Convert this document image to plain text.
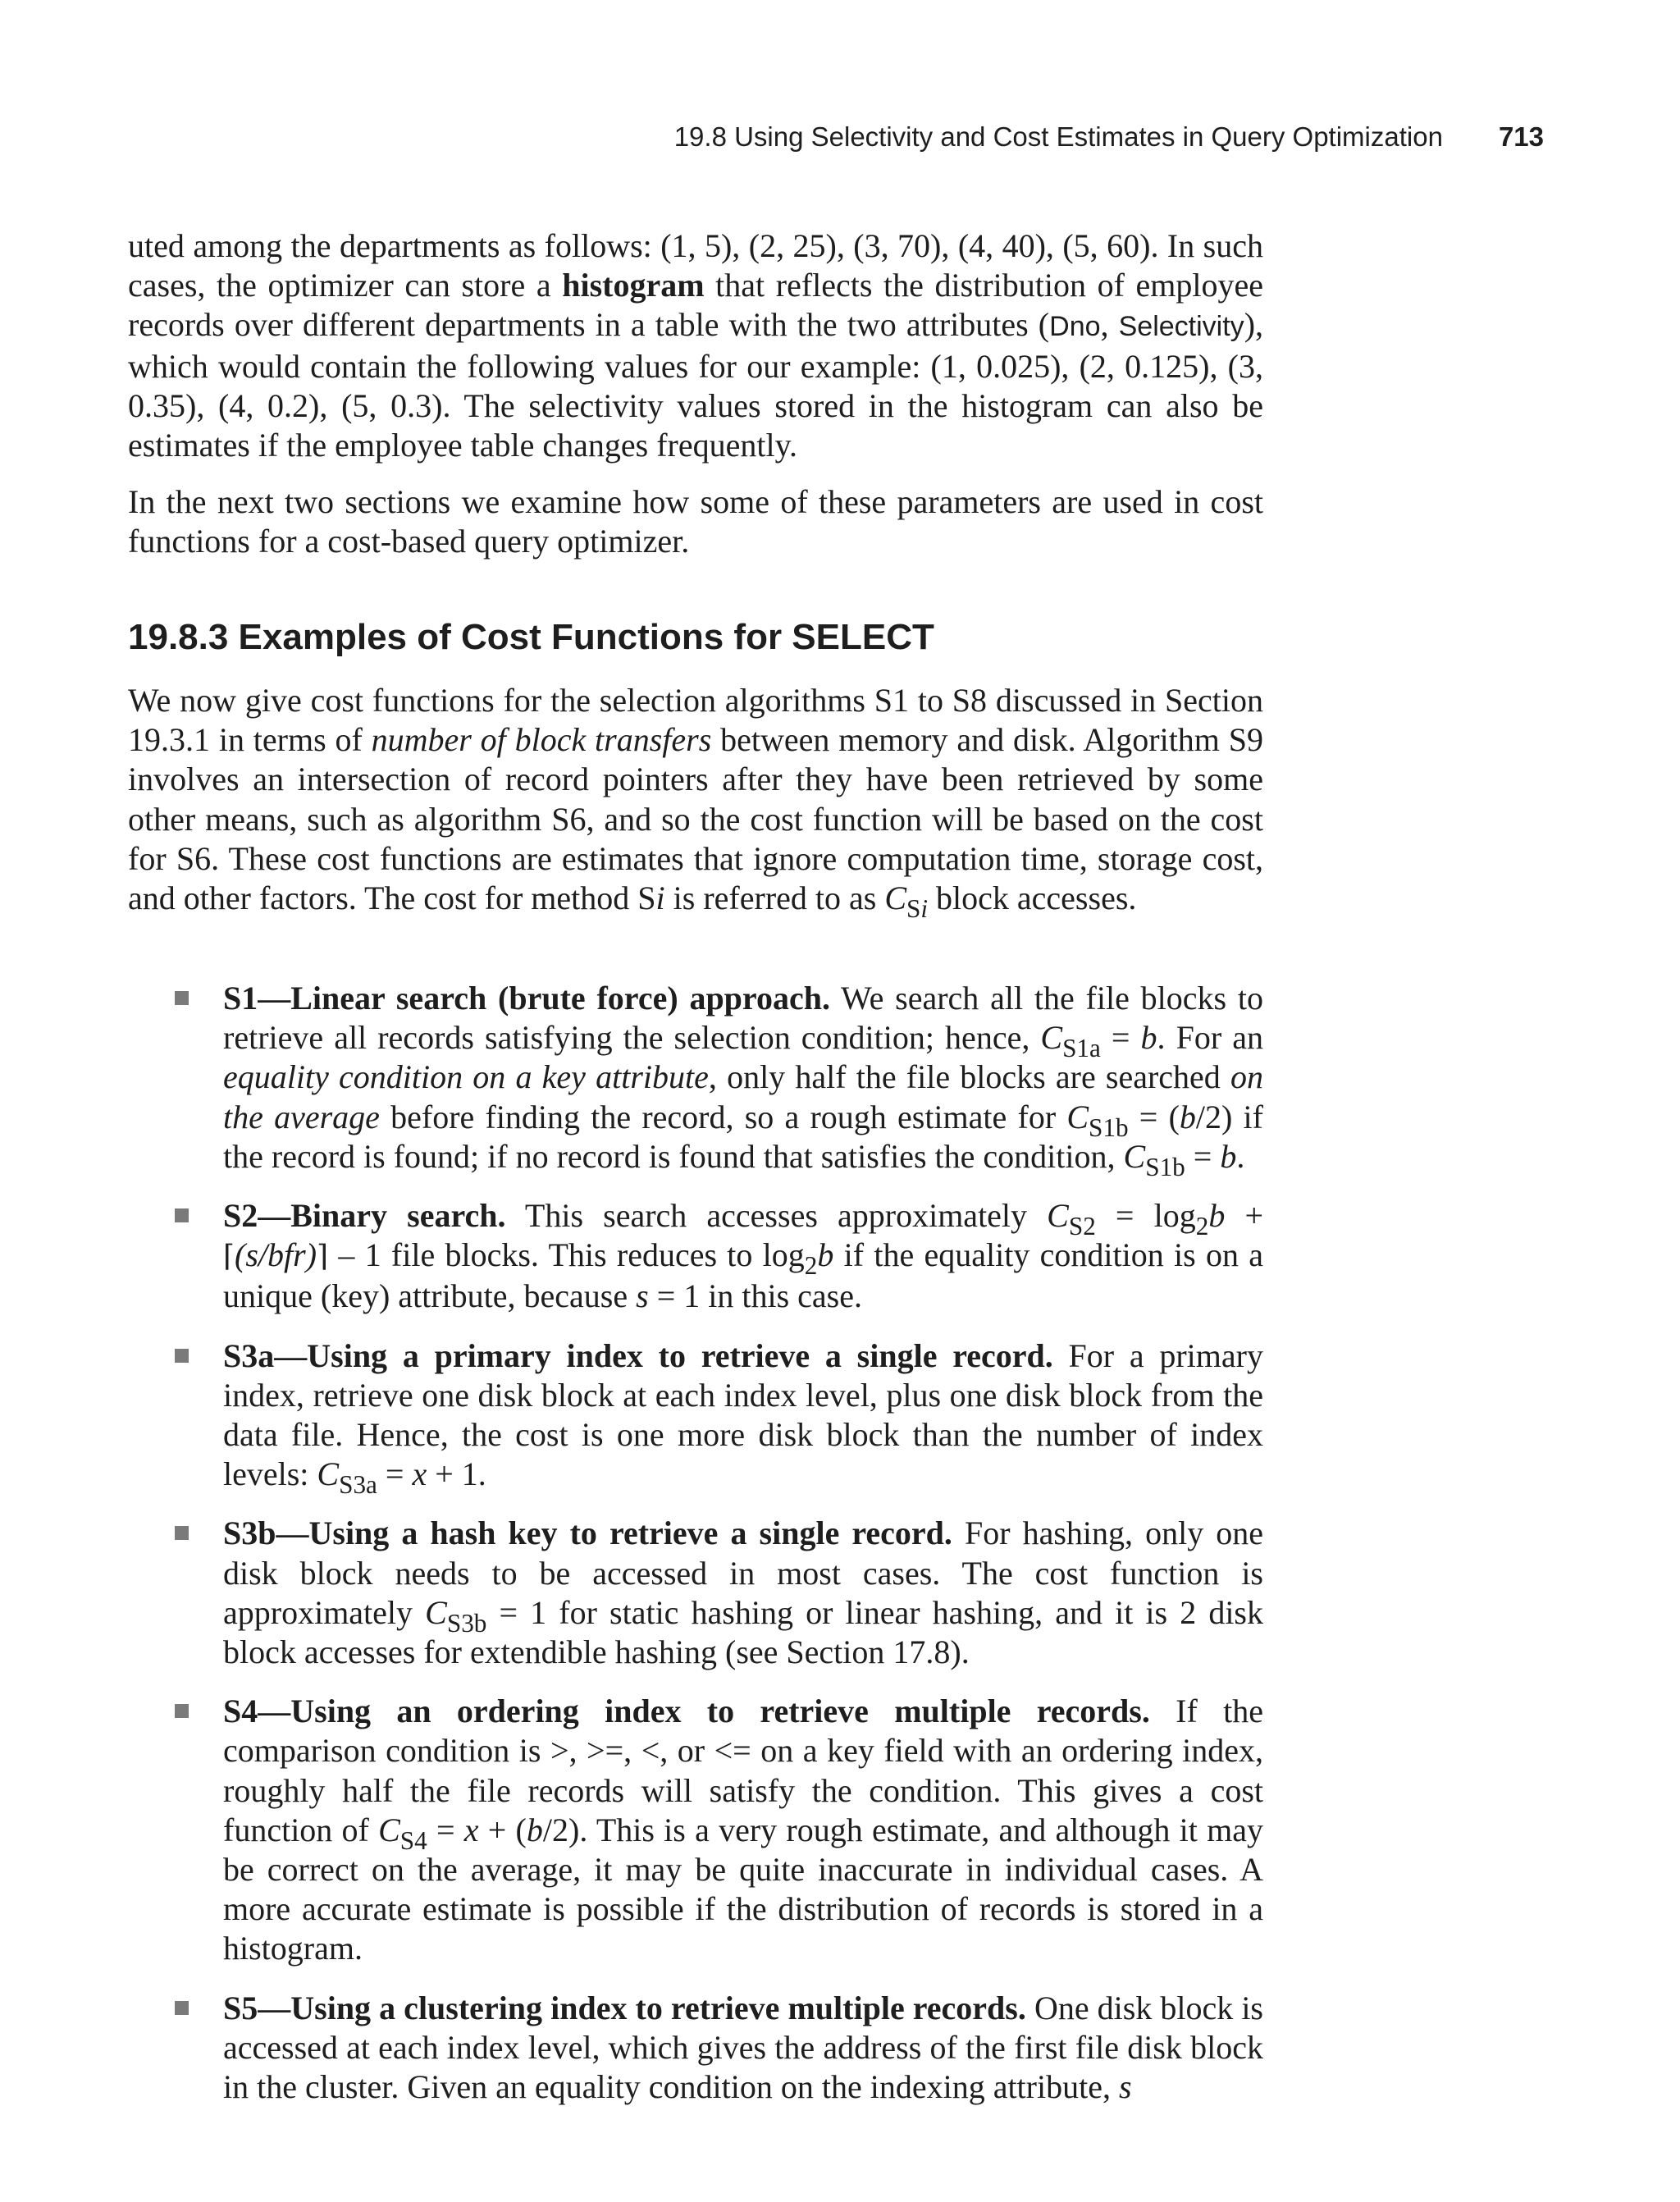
19.8 Using Selectivity and Cost Estimates in Query Optimization 713

uted among the departments as follows: (1, 5), (2, 25), (3, 70), (4, 40), (5, 60). In such cases, the optimizer can store a histogram that reflects the distribution of employee records over different departments in a table with the two attributes (Dno, Selectivity), which would contain the following values for our example: (1, 0.025), (2, 0.125), (3, 0.35), (4, 0.2), (5, 0.3). The selectivity values stored in the histogram can also be estimates if the employee table changes frequently.

In the next two sections we examine how some of these parameters are used in cost functions for a cost-based query optimizer.

19.8.3 Examples of Cost Functions for SELECT

We now give cost functions for the selection algorithms S1 to S8 discussed in Section 19.3.1 in terms of number of block transfers between memory and disk. Algorithm S9 involves an intersection of record pointers after they have been retrieved by some other means, such as algorithm S6, and so the cost function will be based on the cost for S6. These cost functions are estimates that ignore computation time, storage cost, and other factors. The cost for method Si is referred to as $C_{Si}$ block accesses.

S1—Linear search (brute force) approach. We search all the file blocks to retrieve all records satisfying the selection condition; hence, $C_{S1a} = b$. For an equality condition on a key attribute, only half the file blocks are searched on the average before finding the record, so a rough estimate for $C_{S1b} = (b/2)$ if the record is found; if no record is found that satisfies the condition, $C_{S1b} = b$.
S2—Binary search. This search accesses approximately $C_{S2} = \log_2b$ + ⌈(s/bfr)⌉ – 1 file blocks. This reduces to $\log_2b$ if the equality condition is on a unique (key) attribute, because s = 1 in this case.
S3a—Using a primary index to retrieve a single record. For a primary index, retrieve one disk block at each index level, plus one disk block from the data file. Hence, the cost is one more disk block than the number of index levels: $C_{S3a} = x + 1$.
S3b—Using a hash key to retrieve a single record. For hashing, only one disk block needs to be accessed in most cases. The cost function is approximately $C_{S3b} = 1$ for static hashing or linear hashing, and it is 2 disk block accesses for extendible hashing (see Section 17.8).
S4—Using an ordering index to retrieve multiple records. If the comparison condition is >, >=, <, or <= on a key field with an ordering index, roughly half the file records will satisfy the condition. This gives a cost function of $C_{S4} = x + (b/2)$. This is a very rough estimate, and although it may be correct on the average, it may be quite inaccurate in individual cases. A more accurate estimate is possible if the distribution of records is stored in a histogram.
S5—Using a clustering index to retrieve multiple records. One disk block is accessed at each index level, which gives the address of the first file disk block in the cluster. Given an equality condition on the indexing attribute, s
